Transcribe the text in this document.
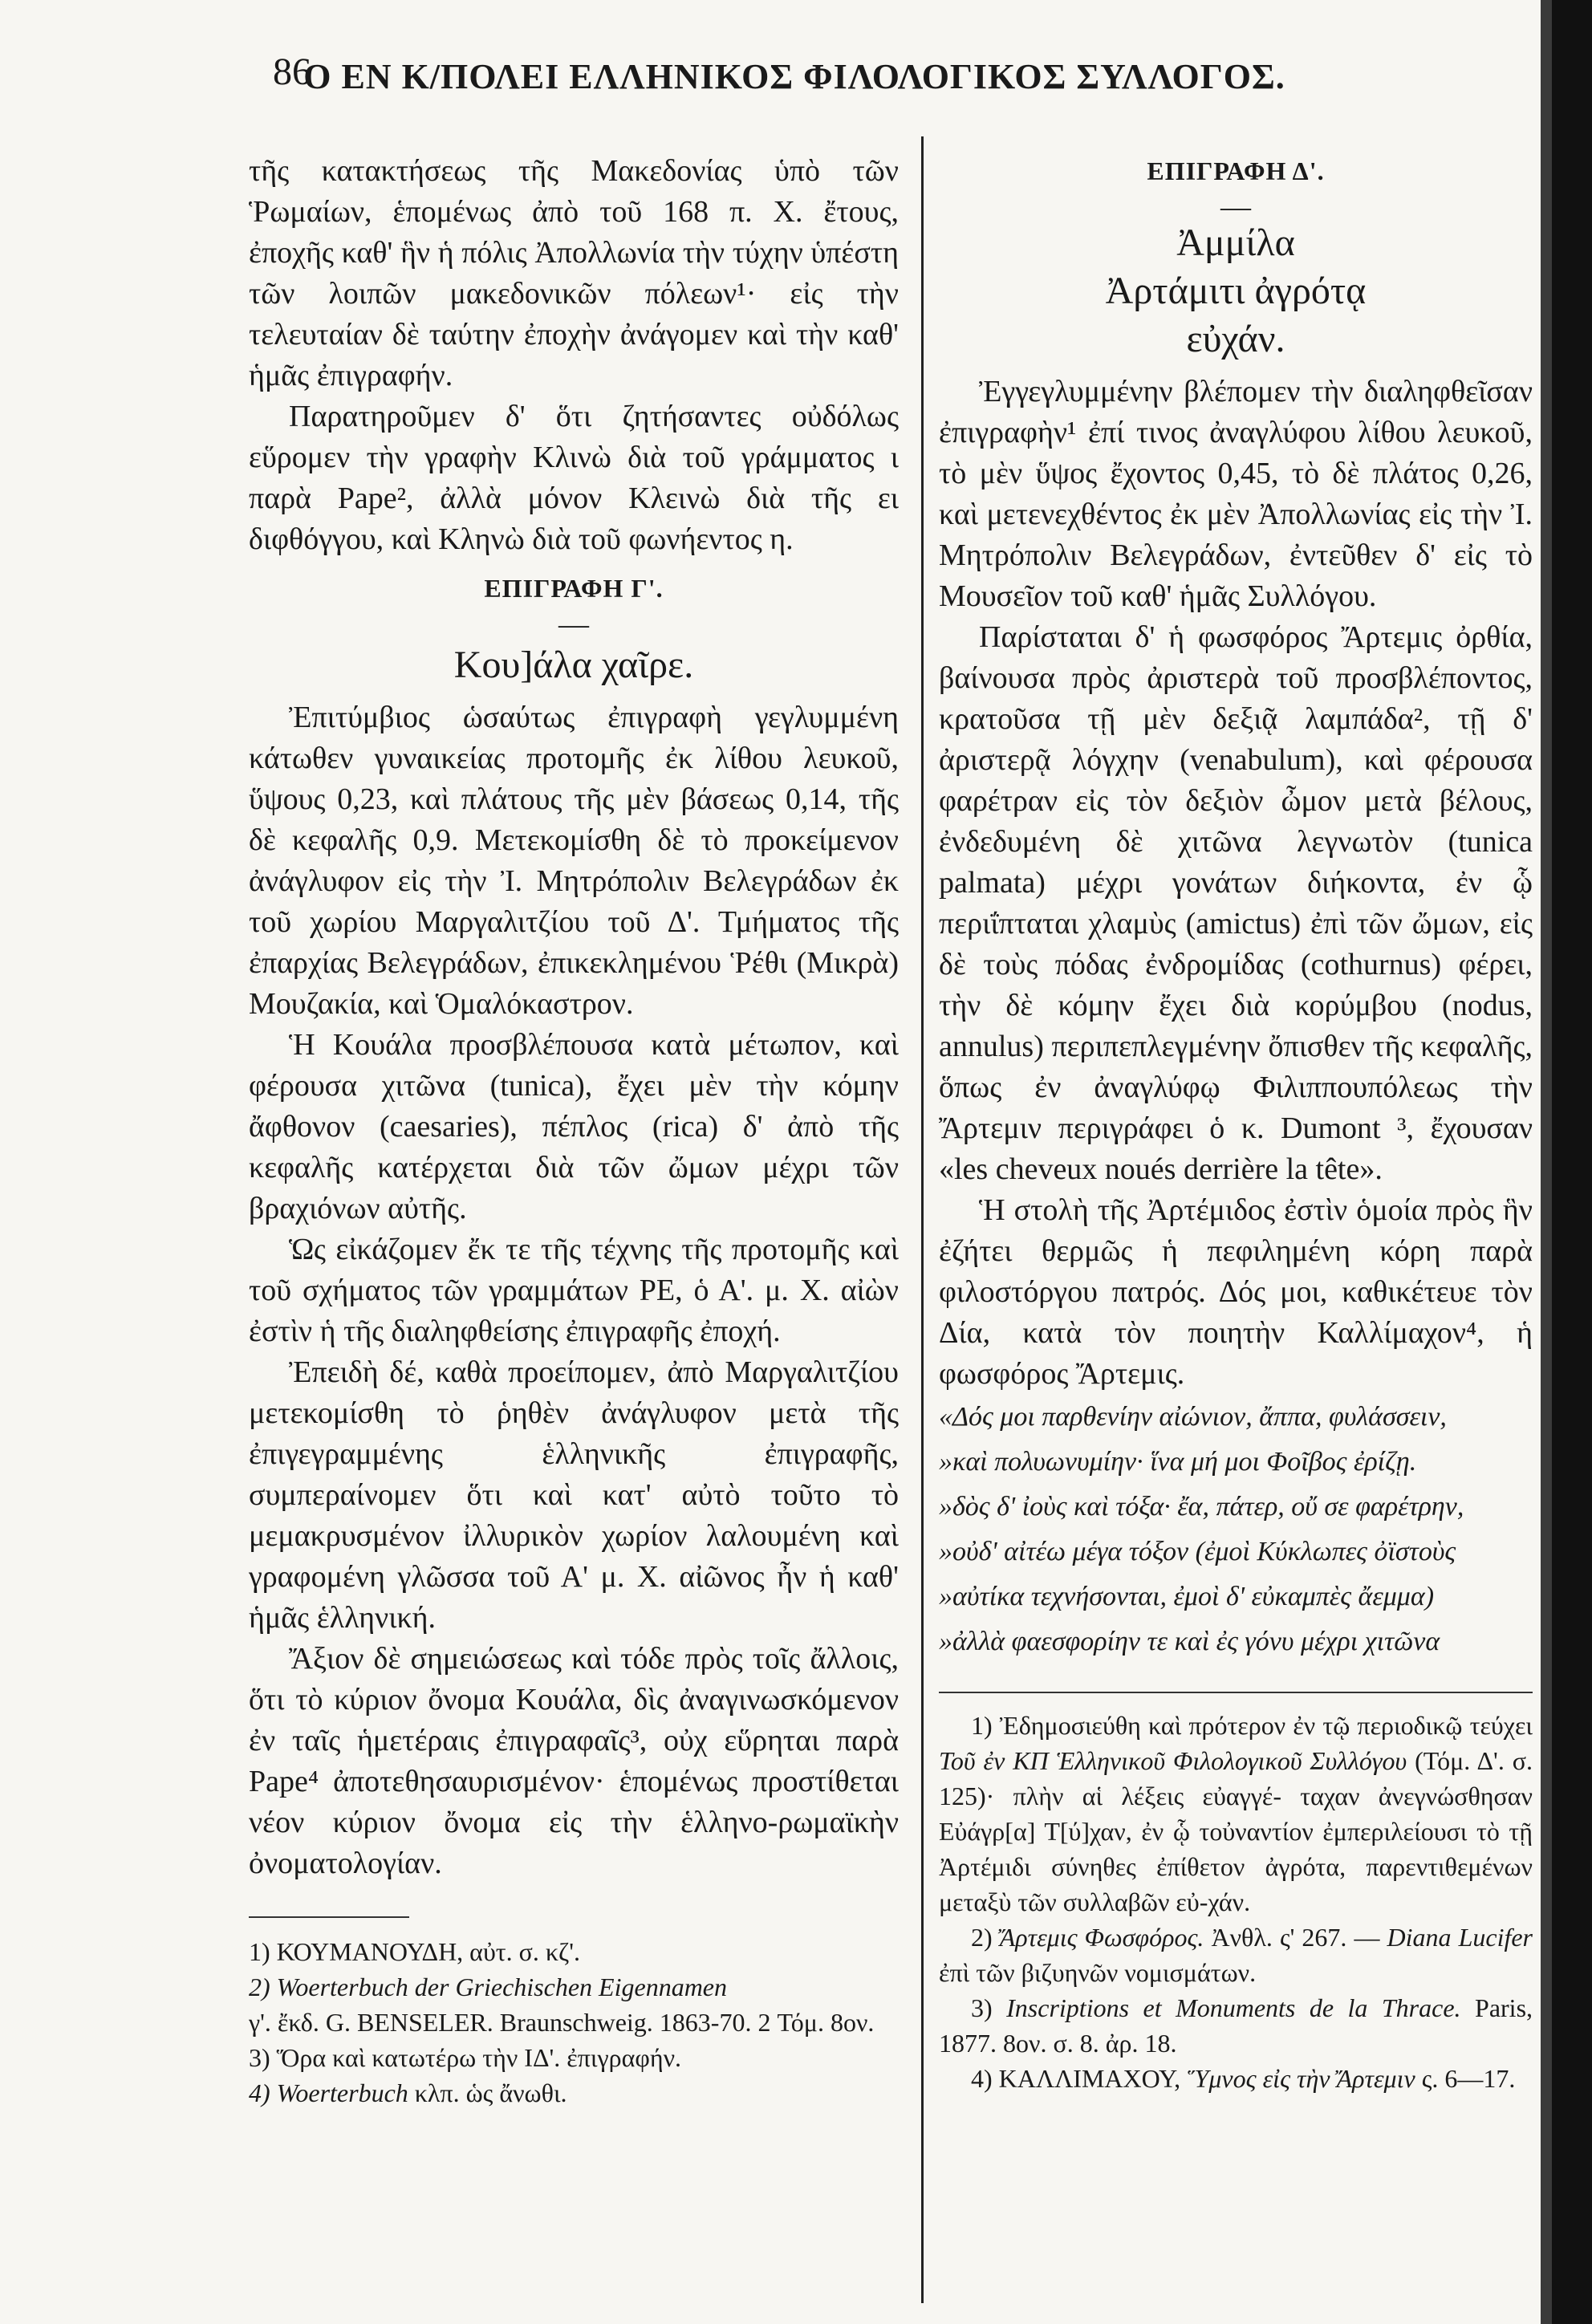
86
Ο ΕΝ Κ/ΠΟΛΕΙ ΕΛΛΗΝΙΚΟΣ ΦΙΛΟΛΟΓΙΚΟΣ ΣΥΛΛΟΓΟΣ.

τῆς κατακτήσεως τῆς Μακεδονίας ὑπὸ τῶν Ῥωμαίων, ἑπομένως ἀπὸ τοῦ 168 π. Χ. ἔτους, ἐποχῆς καθ' ἣν ἡ πόλις Ἀπολλωνία τὴν τύχην ὑπέστη τῶν λοιπῶν μακεδονικῶν πόλεων¹· εἰς τὴν τελευταίαν δὲ ταύτην ἐποχὴν ἀνάγομεν καὶ τὴν καθ' ἡμᾶς ἐπιγραφήν.

Παρατηροῦμεν δ' ὅτι ζητήσαντες οὐδόλως εὕρομεν τὴν γραφὴν Κλινὼ διὰ τοῦ γράμματος ι παρὰ Pape², ἀλλὰ μόνον Κλεινὼ διὰ τῆς ει διφθόγγου, καὶ Κληνὼ διὰ τοῦ φωνήεντος η.

ΕΠΙΓΡΑΦΗ Γ'.
—
Κου]άλα χαῖρε.

Ἐπιτύμβιος ὡσαύτως ἐπιγραφὴ γεγλυμμένη κάτωθεν γυναικείας προτομῆς ἐκ λίθου λευκοῦ, ὕψους 0,23, καὶ πλάτους τῆς μὲν βάσεως 0,14, τῆς δὲ κεφαλῆς 0,9. Μετεκομίσθη δὲ τὸ προκείμενον ἀνάγλυφον εἰς τὴν Ἰ. Μητρόπολιν Βελεγράδων ἐκ τοῦ χωρίου Μαργαλιτζίου τοῦ Δ'. Τμήματος τῆς ἐπαρχίας Βελεγράδων, ἐπικεκλημένου Ῥέθι (Μικρὰ) Μουζακία, καὶ Ὁμαλόκαστρον.

Ἡ Κουάλα προσβλέπουσα κατὰ μέτωπον, καὶ φέρουσα χιτῶνα (tunica), ἔχει μὲν τὴν κόμην ἄφθονον (caesaries), πέπλος (rica) δ' ἀπὸ τῆς κεφαλῆς κατέρχεται διὰ τῶν ὤμων μέχρι τῶν βραχιόνων αὐτῆς.

Ὡς εἰκάζομεν ἔκ τε τῆς τέχνης τῆς προτομῆς καὶ τοῦ σχήματος τῶν γραμμάτων ΡΕ, ὁ Α'. μ. Χ. αἰὼν ἐστὶν ἡ τῆς διαληφθείσης ἐπιγραφῆς ἐποχή.

Ἐπειδὴ δέ, καθὰ προείπομεν, ἀπὸ Μαργαλιτζίου μετεκομίσθη τὸ ῥηθὲν ἀνάγλυφον μετὰ τῆς ἐπιγεγραμμένης ἑλληνικῆς ἐπιγραφῆς, συμπεραίνομεν ὅτι καὶ κατ' αὐτὸ τοῦτο τὸ μεμακρυσμένον ἰλλυρικὸν χωρίον λαλουμένη καὶ γραφομένη γλῶσσα τοῦ Α' μ. Χ. αἰῶνος ἦν ἡ καθ' ἡμᾶς ἑλληνική.

Ἄξιον δὲ σημειώσεως καὶ τόδε πρὸς τοῖς ἄλλοις, ὅτι τὸ κύριον ὄνομα Κουάλα, δὶς ἀναγινωσκόμενον ἐν ταῖς ἡμετέραις ἐπιγραφαῖς³, οὐχ εὕρηται παρὰ Pape⁴ ἀποτεθησαυρισμένον· ἑπομένως προστίθεται νέον κύριον ὄνομα εἰς τὴν ἑλληνο-ρωμαϊκὴν ὀνοματολογίαν.

1) ΚΟΥΜΑΝΟΥΔΗ, αὐτ. σ. κζ'.

2) Woerterbuch der Griechischen Eigennamen

γ'. ἔκδ. G. BENSELER. Braunschweig. 1863-70. 2 Τόμ. 8ον.

3) Ὅρα καὶ κατωτέρω τὴν ΙΔ'. ἐπιγραφήν.

4) Woerterbuch κλπ. ὡς ἄνωθι.

ΕΠΙΓΡΑΦΗ Δ'.
—
Ἀμμίλα
Ἀρτάμιτι ἀγρότᾳ
εὐχάν.

Ἐγγεγλυμμένην βλέπομεν τὴν διαληφθεῖσαν ἐπιγραφὴν¹ ἐπί τινος ἀναγλύφου λίθου λευκοῦ, τὸ μὲν ὕψος ἔχοντος 0,45, τὸ δὲ πλάτος 0,26, καὶ μετενεχθέντος ἐκ μὲν Ἀπολλωνίας εἰς τὴν Ἰ. Μητρόπολιν Βελεγράδων, ἐντεῦθεν δ' εἰς τὸ Μουσεῖον τοῦ καθ' ἡμᾶς Συλλόγου.

Παρίσταται δ' ἡ φωσφόρος Ἄρτεμις ὀρθία, βαίνουσα πρὸς ἀριστερὰ τοῦ προσβλέποντος, κρατοῦσα τῇ μὲν δεξιᾷ λαμπάδα², τῇ δ' ἀριστερᾷ λόγχην (venabulum), καὶ φέρουσα φαρέτραν εἰς τὸν δεξιὸν ὦμον μετὰ βέλους, ἐνδεδυμένη δὲ χιτῶνα λεγνωτὸν (tunica palmata) μέχρι γονάτων διήκοντα, ἐν ᾧ περιΐπταται χλαμὺς (amictus) ἐπὶ τῶν ὤμων, εἰς δὲ τοὺς πόδας ἐνδρομίδας (cothurnus) φέρει, τὴν δὲ κόμην ἔχει διὰ κορύμβου (nodus, annulus) περιπεπλεγμένην ὄπισθεν τῆς κεφαλῆς, ὅπως ἐν ἀναγλύφῳ Φιλιππουπόλεως τὴν Ἄρτεμιν περιγράφει ὁ κ. Dumont ³, ἔχουσαν «les cheveux noués derrière la tête».

Ἡ στολὴ τῆς Ἀρτέμιδος ἐστὶν ὁμοία πρὸς ἣν ἐζήτει θερμῶς ἡ πεφιλημένη κόρη παρὰ φιλοστόργου πατρός. Δός μοι, καθικέτευε τὸν Δία, κατὰ τὸν ποιητὴν Καλλίμαχον⁴, ἡ φωσφόρος Ἄρτεμις.

«Δός μοι παρθενίην αἰώνιον, ἄππα, φυλάσσειν,

»καὶ πολυωνυμίην· ἵνα μή μοι Φοῖβος ἐρίζῃ.

»δὸς δ' ἰοὺς καὶ τόξα· ἔα, πάτερ, οὔ σε φαρέτρην,

»οὐδ' αἰτέω μέγα τόξον (ἐμοὶ Κύκλωπες ὀϊστοὺς

»αὐτίκα τεχνήσονται, ἐμοὶ δ' εὐκαμπὲς ἄεμμα)

»ἀλλὰ φαεσφορίην τε καὶ ἐς γόνυ μέχρι χιτῶνα

1) Ἐδημοσιεύθη καὶ πρότερον ἐν τῷ περιοδικῷ τεύχει Τοῦ ἐν ΚΠ Ἑλληνικοῦ Φιλολογικοῦ Συλλόγου (Τόμ. Δ'. σ. 125)· πλὴν αἱ λέξεις εὐαγγέ- ταχαν ἀνεγνώσθησαν Εὐάγρ[α] Τ[ύ]χαν, ἐν ᾧ τοὐναντίον ἐμπεριλείουσι τὸ τῇ Ἀρτέμιδι σύνηθες ἐπίθετον ἀγρότα, παρεντιθεμένων μεταξὺ τῶν συλλαβῶν εὐ-χάν.

2) Ἄρτεμις Φωσφόρος. Ἀνθλ. ς' 267. — Diana Lucifer ἐπὶ τῶν βιζυηνῶν νομισμάτων.

3) Inscriptions et Monuments de la Thrace. Paris, 1877. 8ον. σ. 8. ἀρ. 18.

4) ΚΑΛΛΙΜΑΧΟΥ, Ὕμνος εἰς τὴν Ἄρτεμιν ς. 6—17.
